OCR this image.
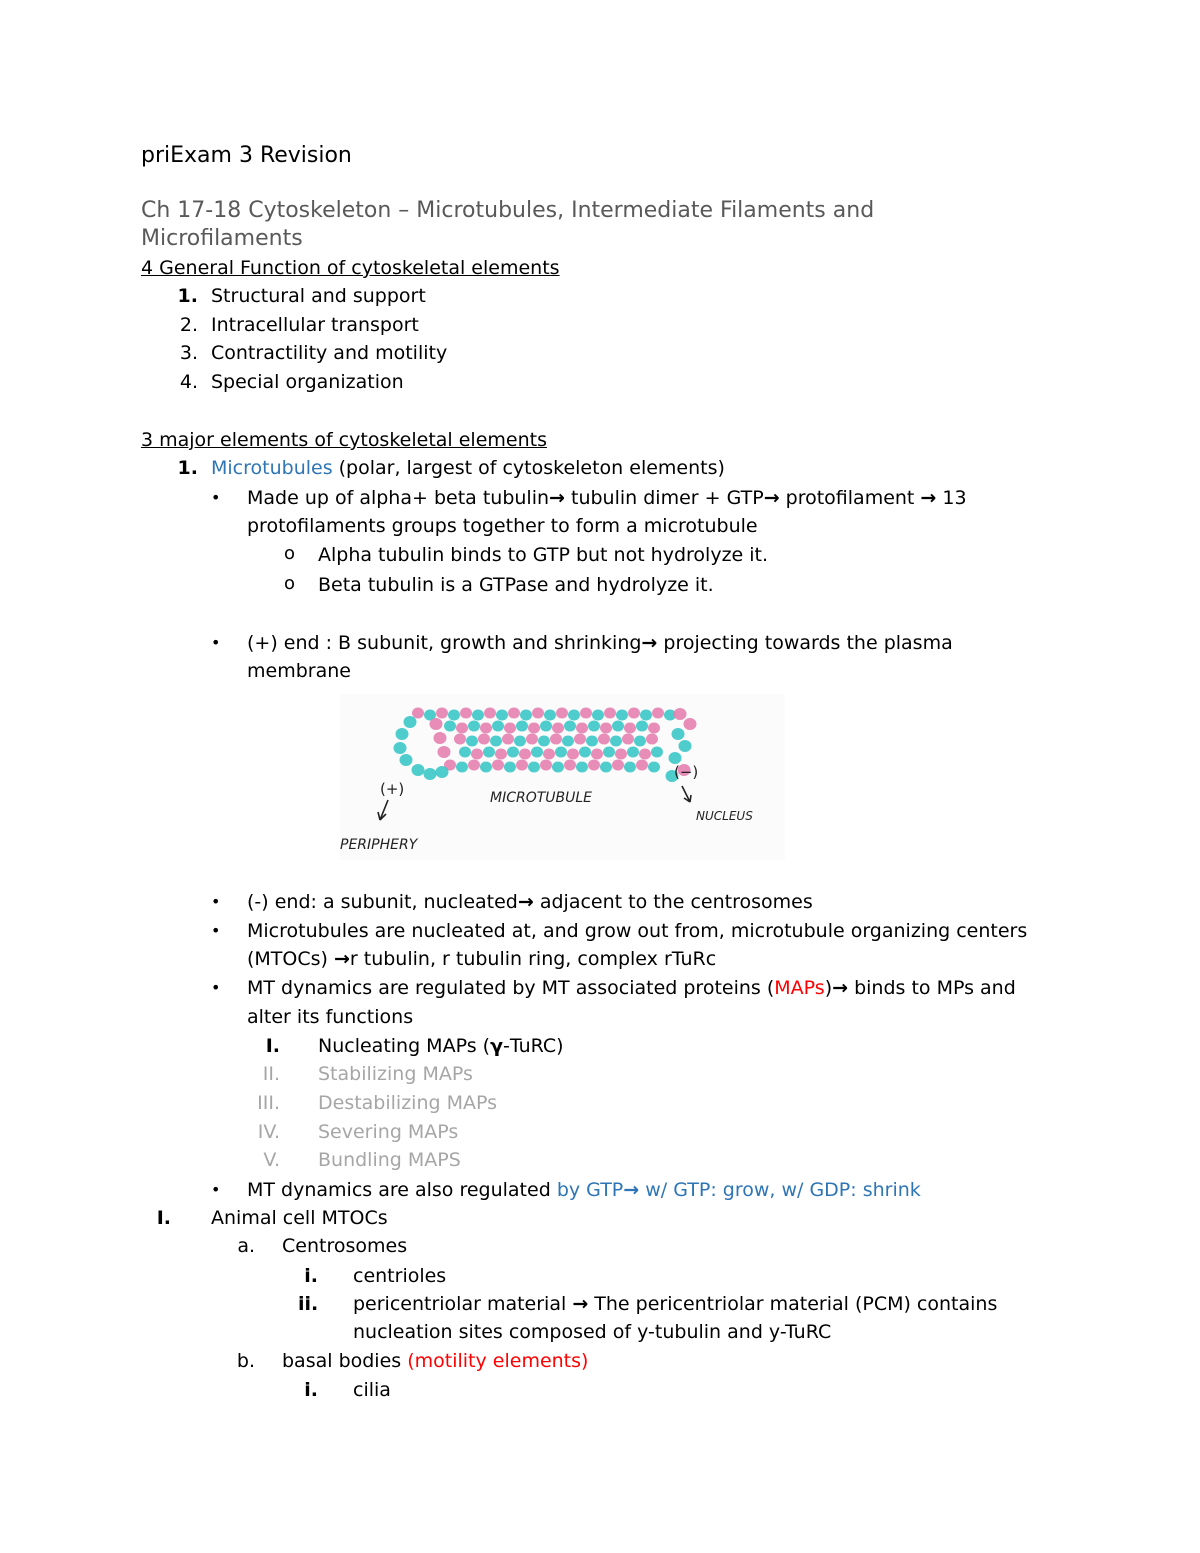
priExam 3 Revision
Ch 17-18 Cytoskeleton – Microtubules, Intermediate Filaments and
Microfilaments
4 General Function of cytoskeletal elements
1. Structural and support
2. Intracellular transport
3. Contractility and motility
4. Special organization
3 major elements of cytoskeletal elements
1. Microtubules (polar, largest of cytoskeleton elements)
• Made up of alpha+ beta tubulin→ tubulin dimer + GTP→ protofilament → 13
protofilaments groups together to form a microtubule
o Alpha tubulin binds to GTP but not hydrolyze it.
o Beta tubulin is a GTPase and hydrolyze it.
• (+) end : B subunit, growth and shrinking→ projecting towards the plasma
membrane
(+)
PERIPHERY
MICROTUBULE
(−)
NUCLEUS
• (-) end: a subunit, nucleated→ adjacent to the centrosomes
• Microtubules are nucleated at, and grow out from, microtubule organizing centers
(MTOCs) →r tubulin, r tubulin ring, complex rTuRc
• MT dynamics are regulated by MT associated proteins (MAPs)→ binds to MPs and
alter its functions
I. Nucleating MAPs (γ-TuRC)
II. Stabilizing MAPs
III. Destabilizing MAPs
IV. Severing MAPs
V. Bundling MAPS
• MT dynamics are also regulated by GTP→ w/ GTP: grow, w/ GDP: shrink
I. Animal cell MTOCs
a. Centrosomes
i. centrioles
ii. pericentriolar material → The pericentriolar material (PCM) contains
nucleation sites composed of y-tubulin and y-TuRC
b. basal bodies (motility elements)
i. cilia
